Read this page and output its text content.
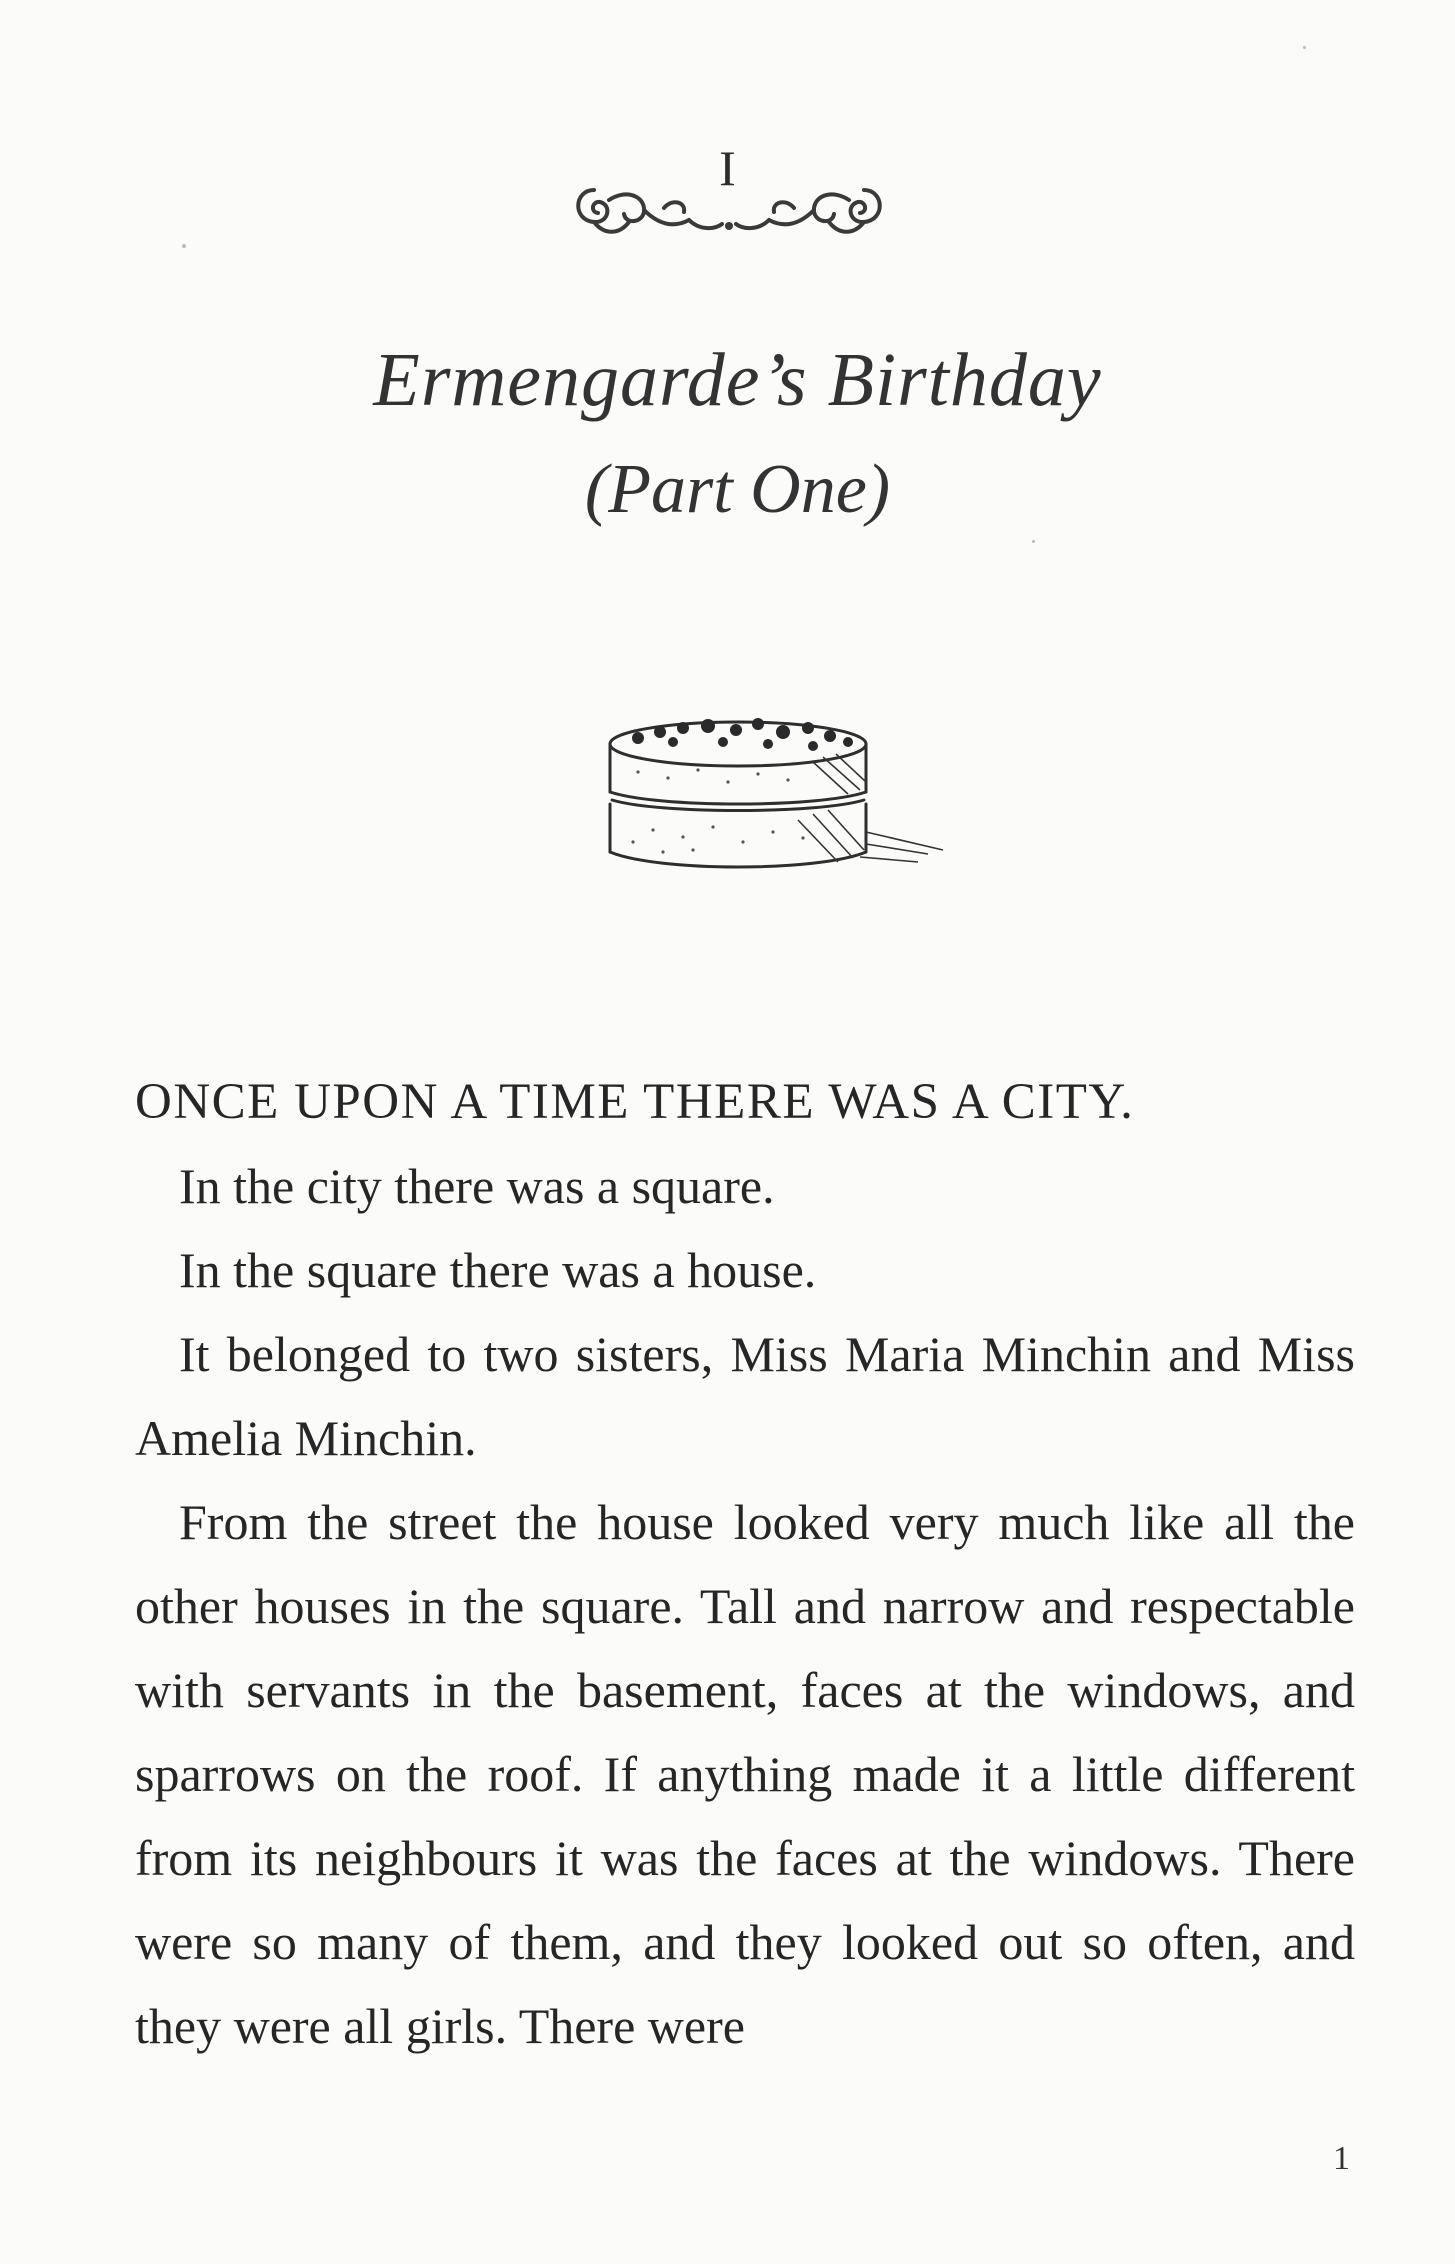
I
Ermengarde’s Birthday
(Part One)

ONCE UPON A TIME THERE WAS A CITY.

In the city there was a square.

In the square there was a house.

It belonged to two sisters, Miss Maria Minchin and Miss Amelia Minchin.

From the street the house looked very much like all the other houses in the square. Tall and narrow and respectable with servants in the basement, faces at the windows, and sparrows on the roof. If anything made it a little different from its neighbours it was the faces at the windows. There were so many of them, and they looked out so often, and they were all girls. There were

1
